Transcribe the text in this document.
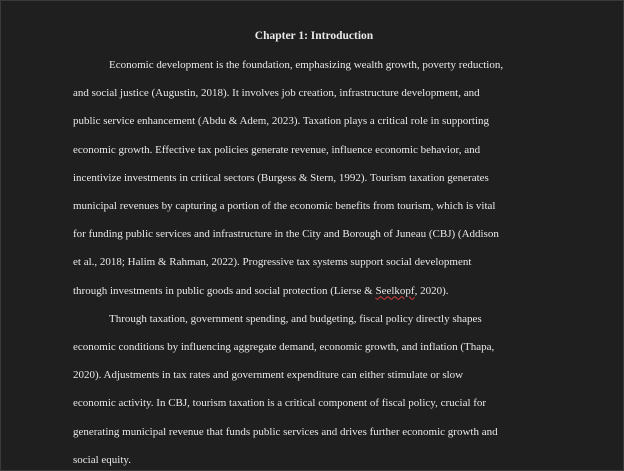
Chapter 1: Introduction

Economic development is the foundation, emphasizing wealth growth, poverty reduction,

and social justice (Augustin, 2018). It involves job creation, infrastructure development, and

public service enhancement (Abdu & Adem, 2023). Taxation plays a critical role in supporting

economic growth. Effective tax policies generate revenue, influence economic behavior, and

incentivize investments in critical sectors (Burgess & Stern, 1992). Tourism taxation generates

municipal revenues by capturing a portion of the economic benefits from tourism, which is vital

for funding public services and infrastructure in the City and Borough of Juneau (CBJ) (Addison

et al., 2018; Halim & Rahman, 2022). Progressive tax systems support social development

through investments in public goods and social protection (Lierse & Seelkopf, 2020).

Through taxation, government spending, and budgeting, fiscal policy directly shapes

economic conditions by influencing aggregate demand, economic growth, and inflation (Thapa,

2020). Adjustments in tax rates and government expenditure can either stimulate or slow

economic activity. In CBJ, tourism taxation is a critical component of fiscal policy, crucial for

generating municipal revenue that funds public services and drives further economic growth and

social equity.
